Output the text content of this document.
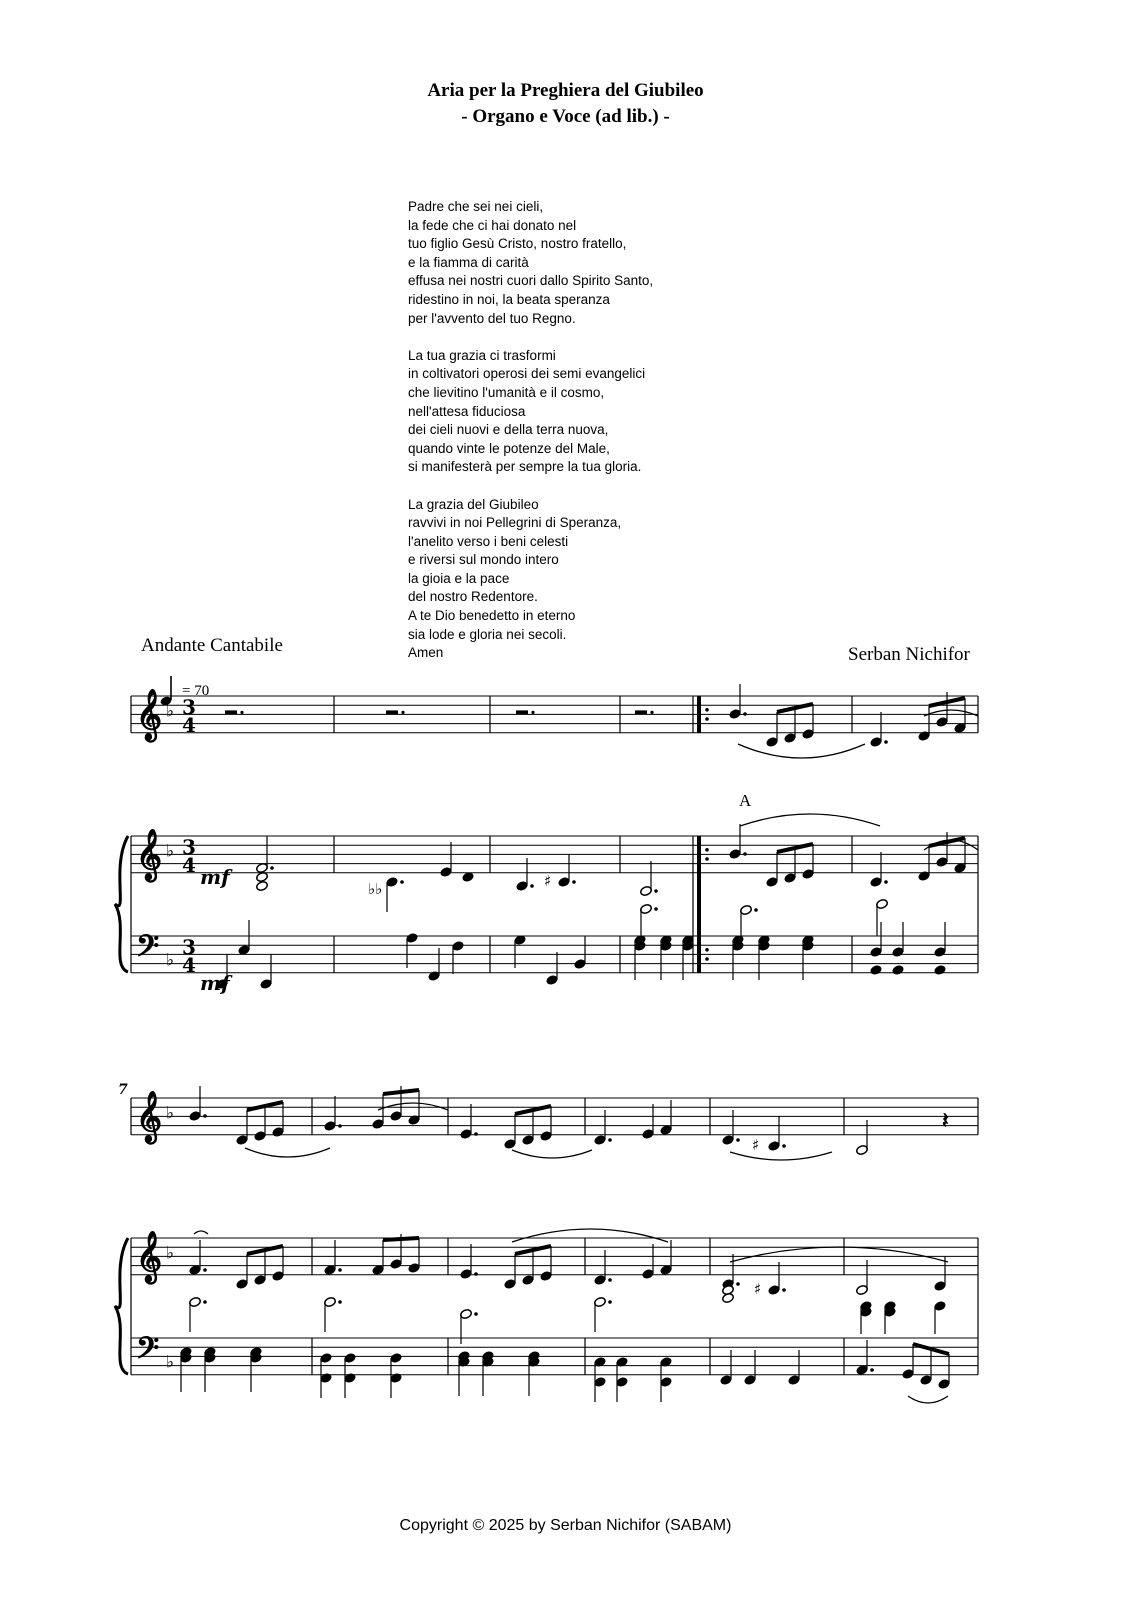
Aria per la Preghiera del Giubileo
- Organo e Voce (ad lib.) -
Padre che sei nei cieli,
la fede che ci hai donato nel
tuo figlio Gesù Cristo, nostro fratello,
e la fiamma di carità
effusa nei nostri cuori dallo Spirito Santo,
ridestino in noi, la beata speranza
per l'avvento del tuo Regno.
La tua grazia ci trasformi
in coltivatori operosi dei semi evangelici
che lievitino l'umanità e il cosmo,
nell'attesa fiduciosa
dei cieli nuovi e della terra nuova,
quando vinte le potenze del Male,
si manifesterà per sempre la tua gloria.
La grazia del Giubileo
ravvivi in noi Pellegrini di Speranza,
l'anelito verso i beni celesti
e riversi sul mondo intero
la gioia e la pace
del nostro Redentore.
A te Dio benedetto in eterno
sia lode e gloria nei secoli.
Amen
Andante Cantabile	Serban Nichifor
= 70
A
𝄞 ♭
𝄞 ♭
𝄢 ♭
3
4
3
4
3
4
♭♭	♯
mf
mf
𝄞 ♭
𝄞 ♭
𝄢 ♭
7
♯
𝄽
♯
Copyright © 2025 by Serban Nichifor (SABAM)
